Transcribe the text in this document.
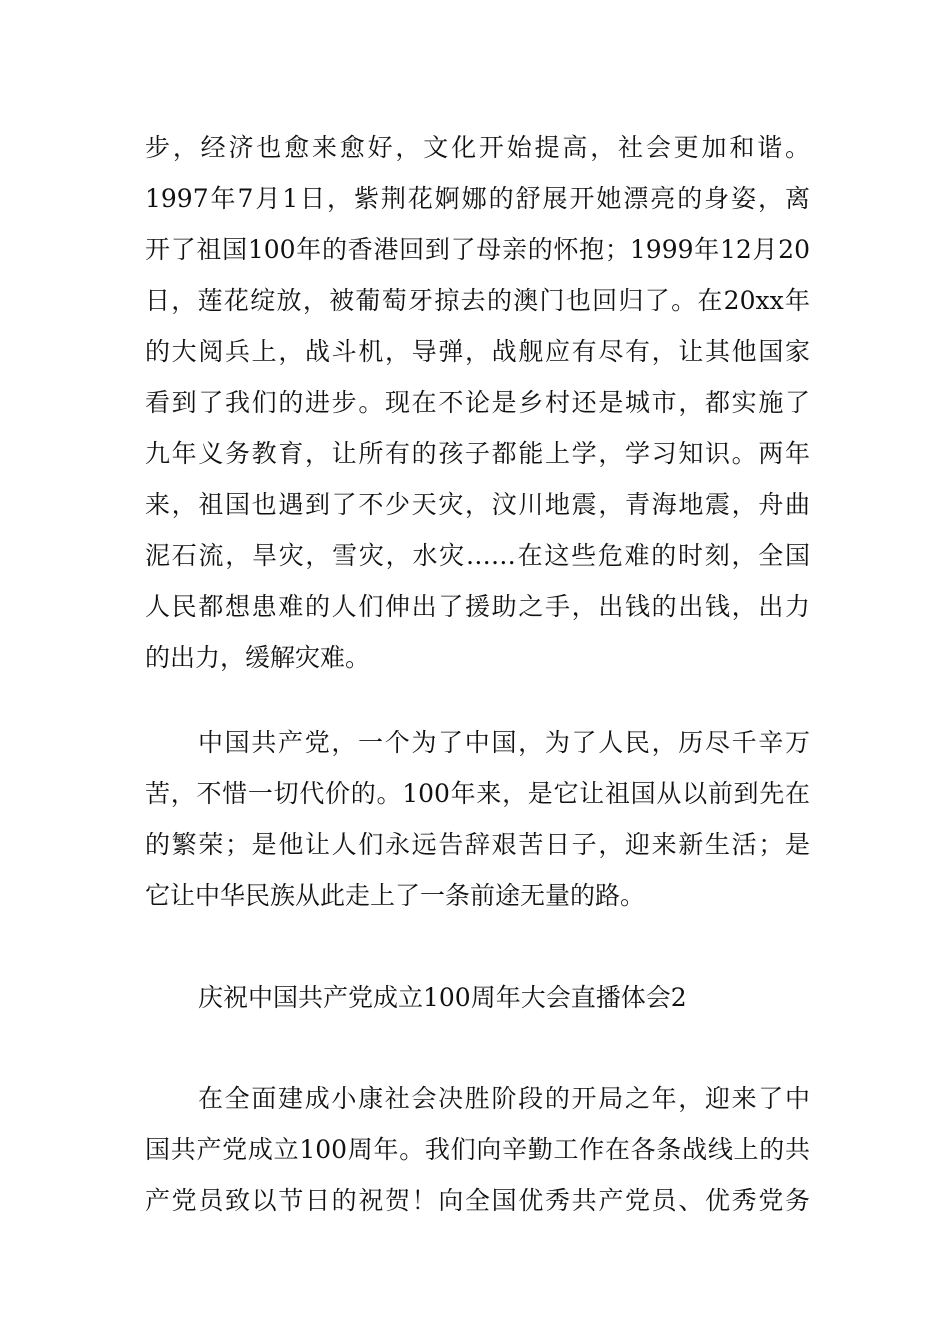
步，经济也愈来愈好，文化开始提高，社会更加和谐。
1997年7月1日，紫荆花婀娜的舒展开她漂亮的身姿，离
开了祖国100年的香港回到了母亲的怀抱；1999年12月20
日，莲花绽放，被葡萄牙掠去的澳门也回归了。在20xx年
的大阅兵上，战斗机，导弹，战舰应有尽有，让其他国家
看到了我们的进步。现在不论是乡村还是城市，都实施了
九年义务教育，让所有的孩子都能上学，学习知识。两年
来，祖国也遇到了不少天灾，汶川地震，青海地震，舟曲
泥石流，旱灾，雪灾，水灾……在这些危难的时刻，全国
人民都想患难的人们伸出了援助之手，出钱的出钱，出力
的出力，缓解灾难。
中国共产党，一个为了中国，为了人民，历尽千辛万
苦，不惜一切代价的。100年来，是它让祖国从以前到先在
的繁荣；是他让人们永远告辞艰苦日子，迎来新生活；是
它让中华民族从此走上了一条前途无量的路。
庆祝中国共产党成立100周年大会直播体会2
在全面建成小康社会决胜阶段的开局之年，迎来了中
国共产党成立100周年。我们向辛勤工作在各条战线上的共
产党员致以节日的祝贺！向全国优秀共产党员、优秀党务
